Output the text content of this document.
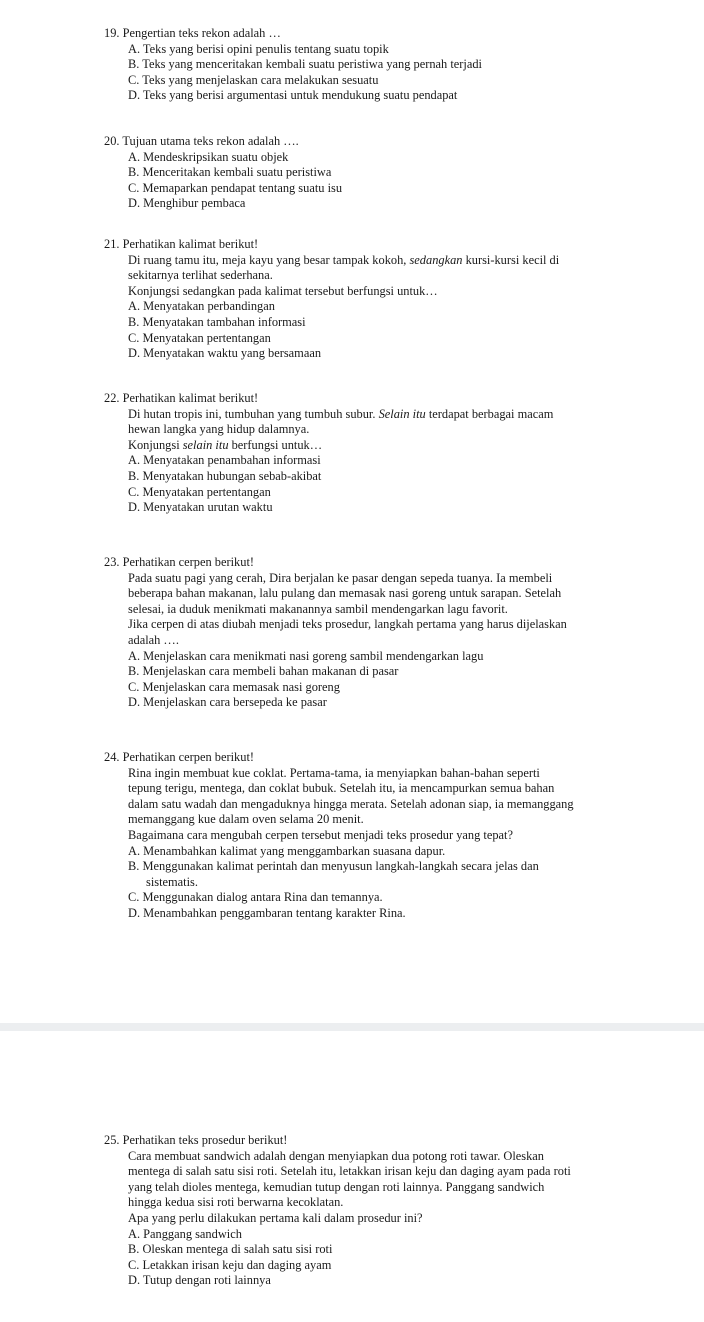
19. Pengertian teks rekon adalah …
A. Teks yang berisi opini penulis tentang suatu topik
B. Teks yang menceritakan kembali suatu peristiwa yang pernah terjadi
C. Teks yang menjelaskan cara melakukan sesuatu
D. Teks yang berisi argumentasi untuk mendukung suatu pendapat
20. Tujuan utama teks rekon adalah ….
A. Mendeskripsikan suatu objek
B. Menceritakan kembali suatu peristiwa
C. Memaparkan pendapat tentang suatu isu
D. Menghibur pembaca
21. Perhatikan kalimat berikut!
Di ruang tamu itu, meja kayu yang besar tampak kokoh, sedangkan kursi-kursi kecil di
sekitarnya terlihat sederhana.
Konjungsi sedangkan pada kalimat tersebut berfungsi untuk…
A. Menyatakan perbandingan
B. Menyatakan tambahan informasi
C. Menyatakan pertentangan
D. Menyatakan waktu yang bersamaan
22. Perhatikan kalimat berikut!
Di hutan tropis ini, tumbuhan yang tumbuh subur. Selain itu terdapat berbagai macam
hewan langka yang hidup dalamnya.
Konjungsi selain itu berfungsi untuk…
A. Menyatakan penambahan informasi
B. Menyatakan hubungan sebab-akibat
C. Menyatakan pertentangan
D. Menyatakan urutan waktu
23. Perhatikan cerpen berikut!
Pada suatu pagi yang cerah, Dira berjalan ke pasar dengan sepeda tuanya. Ia membeli
beberapa bahan makanan, lalu pulang dan memasak nasi goreng untuk sarapan. Setelah
selesai, ia duduk menikmati makanannya sambil mendengarkan lagu favorit.
Jika cerpen di atas diubah menjadi teks prosedur, langkah pertama yang harus dijelaskan
adalah ….
A. Menjelaskan cara menikmati nasi goreng sambil mendengarkan lagu
B. Menjelaskan cara membeli bahan makanan di pasar
C. Menjelaskan cara memasak nasi goreng
D. Menjelaskan cara bersepeda ke pasar
24. Perhatikan cerpen berikut!
Rina ingin membuat kue coklat. Pertama-tama, ia menyiapkan bahan-bahan seperti
tepung terigu, mentega, dan coklat bubuk. Setelah itu, ia mencampurkan semua bahan
dalam satu wadah dan mengaduknya hingga merata. Setelah adonan siap, ia memanggang
memanggang kue dalam oven selama 20 menit.
Bagaimana cara mengubah cerpen tersebut menjadi teks prosedur yang tepat?
A. Menambahkan kalimat yang menggambarkan suasana dapur.
B. Menggunakan kalimat perintah dan menyusun langkah-langkah secara jelas dan
sistematis.
C. Menggunakan dialog antara Rina dan temannya.
D. Menambahkan penggambaran tentang karakter Rina.
25. Perhatikan teks prosedur berikut!
Cara membuat sandwich adalah dengan menyiapkan dua potong roti tawar. Oleskan
mentega di salah satu sisi roti. Setelah itu, letakkan irisan keju dan daging ayam pada roti
yang telah dioles mentega, kemudian tutup dengan roti lainnya. Panggang sandwich
hingga kedua sisi roti berwarna kecoklatan.
Apa yang perlu dilakukan pertama kali dalam prosedur ini?
A. Panggang sandwich
B. Oleskan mentega di salah satu sisi roti
C. Letakkan irisan keju dan daging ayam
D. Tutup dengan roti lainnya
